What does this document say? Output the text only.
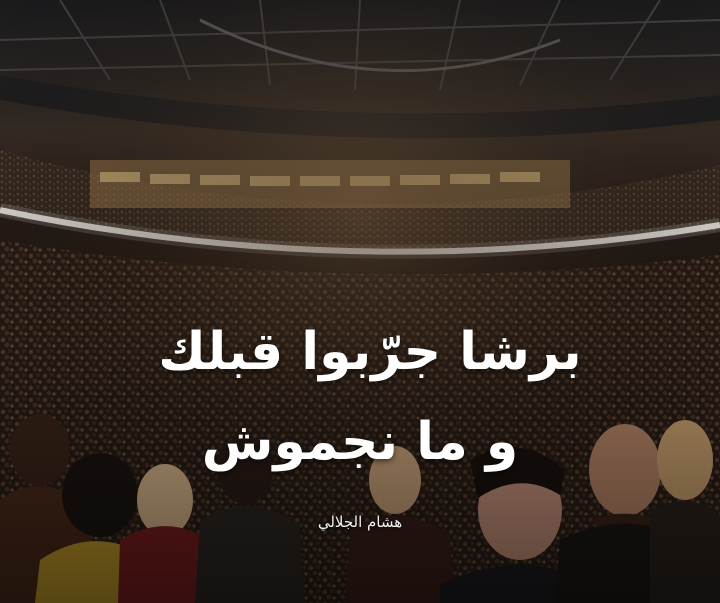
برشا جرّبوا قبلك
و ما نجموش
هشام الجلالي
